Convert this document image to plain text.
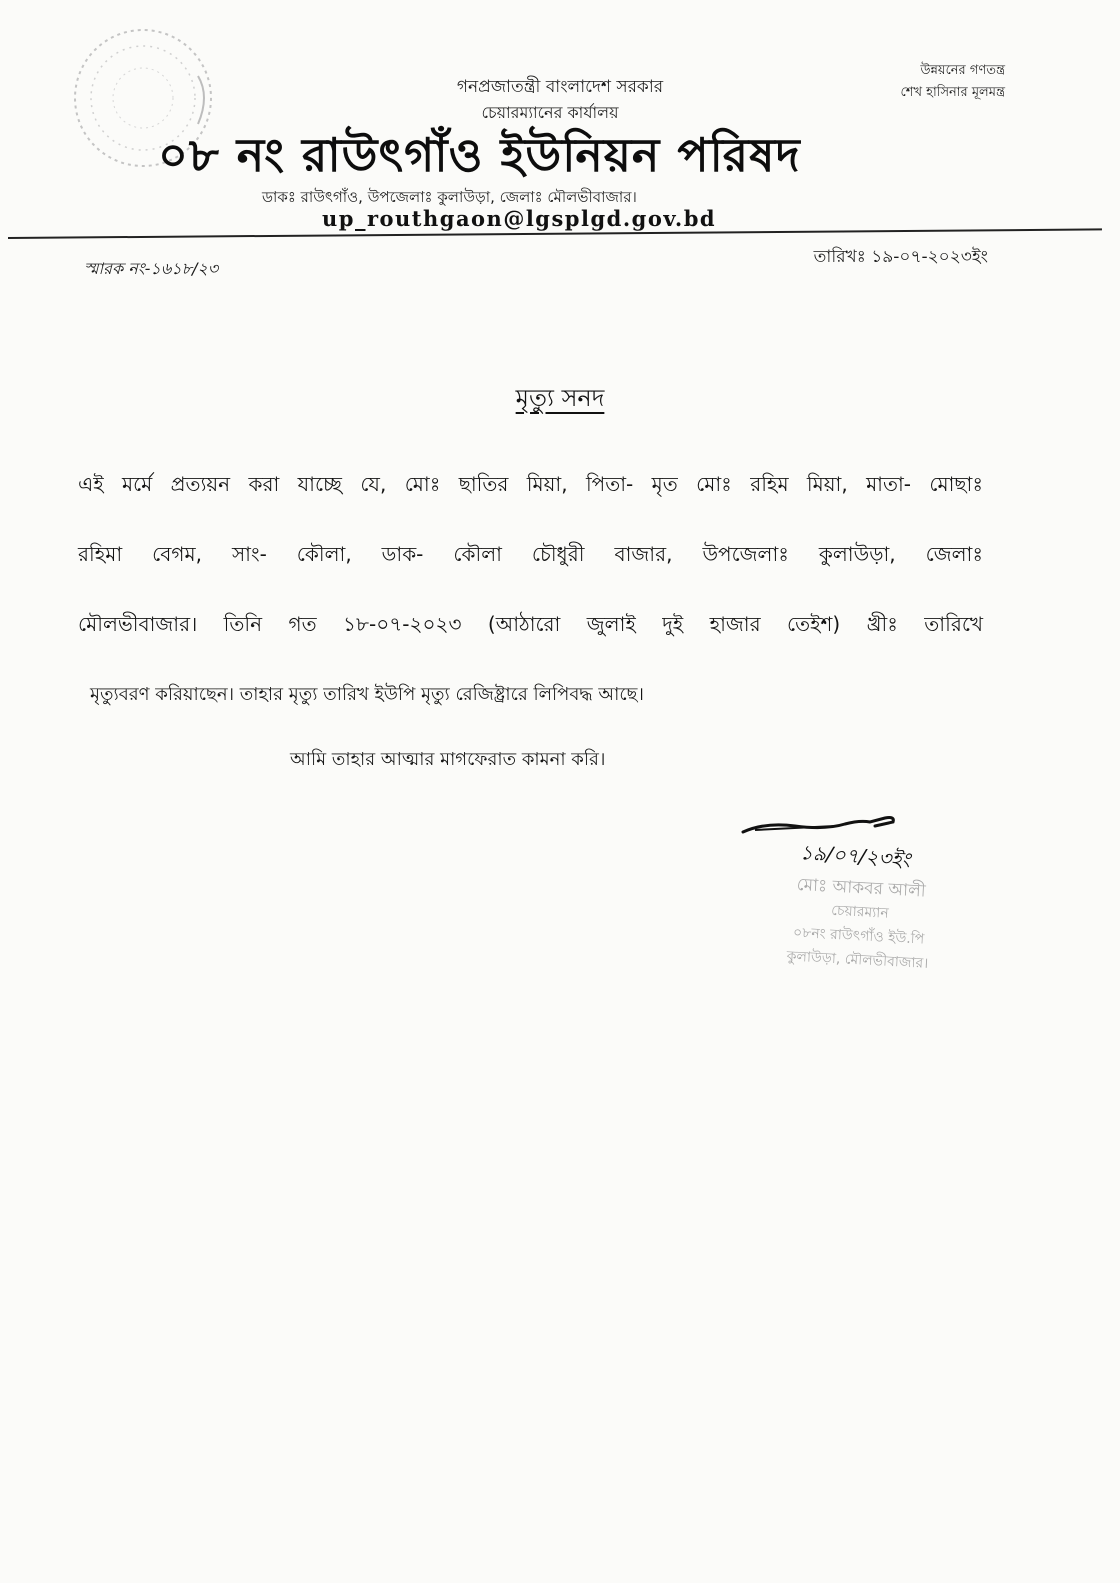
উন্নয়নের গণতন্ত্র
শেখ হাসিনার মূলমন্ত্র
গনপ্রজাতন্ত্রী বাংলাদেশ সরকার
চেয়ারম্যানের কার্যালয়
০৮ নং রাউৎগাঁও ইউনিয়ন পরিষদ
ডাকঃ রাউৎগাঁও, উপজেলাঃ কুলাউড়া, জেলাঃ মৌলভীবাজার।
up_routhgaon@lgsplgd.gov.bd
স্মারক নং-১৬১৮/২৩
তারিখঃ ১৯-০৭-২০২৩ইং
মৃত্যু সনদ
এই মর্মে প্রত্যয়ন করা যাচ্ছে যে, মোঃ ছাতির মিয়া, পিতা- মৃত মোঃ রহিম মিয়া, মাতা- মোছাঃ
রহিমা বেগম, সাং- কৌলা, ডাক- কৌলা চৌধুরী বাজার, উপজেলাঃ কুলাউড়া, জেলাঃ
মৌলভীবাজার। তিনি গত ১৮-০৭-২০২৩ (আঠারো জুলাই দুই হাজার তেইশ) খ্রীঃ তারিখে
মৃত্যুবরণ করিয়াছেন। তাহার মৃত্যু তারিখ ইউপি মৃত্যু রেজিষ্ট্রারে লিপিবদ্ধ আছে।
আমি তাহার আত্মার মাগফেরাত কামনা করি।
১৯/০৭/২৩ইং
মোঃ আকবর আলী
চেয়ারম্যান
০৮নং রাউৎগাঁও ইউ.পি
কুলাউড়া, মৌলভীবাজার।
